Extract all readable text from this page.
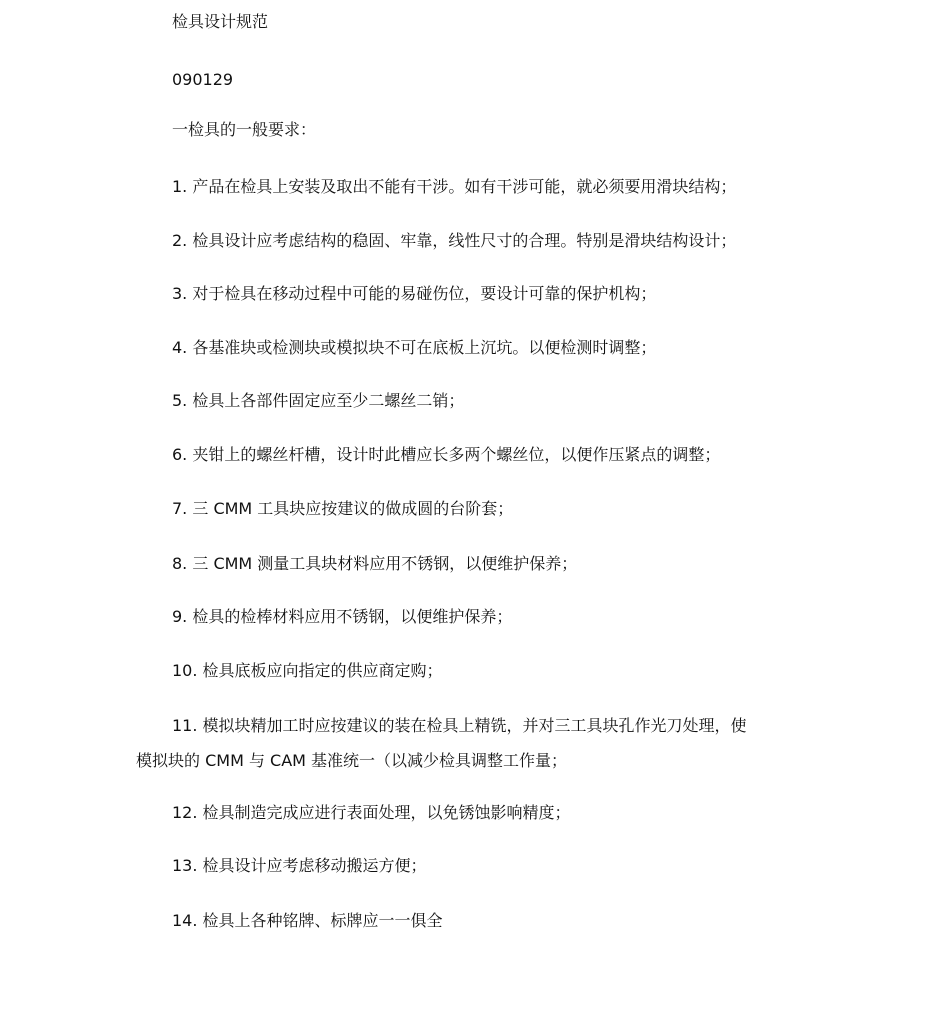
检具设计规范
090129
一检具的一般要求：
1. 产品在检具上安装及取出不能有干涉。如有干涉可能，就必须要用滑块结构；
2. 检具设计应考虑结构的稳固、牢靠，线性尺寸的合理。特别是滑块结构设计；
3. 对于检具在移动过程中可能的易碰伤位，要设计可靠的保护机构；
4. 各基准块或检测块或模拟块不可在底板上沉坑。以便检测时调整；
5. 检具上各部件固定应至少二螺丝二销；
6. 夹钳上的螺丝杆槽，设计时此槽应长多两个螺丝位，以便作压紧点的调整；
7. 三 CMM 工具块应按建议的做成圆的台阶套；
8. 三 CMM 测量工具块材料应用不锈钢，以便维护保养；
9. 检具的检棒材料应用不锈钢，以便维护保养；
10. 检具底板应向指定的供应商定购；
11. 模拟块精加工时应按建议的装在检具上精铣，并对三工具块孔作光刀处理，使
模拟块的 CMM 与 CAM 基准统一（以减少检具调整工作量；
12. 检具制造完成应进行表面处理，以免锈蚀影响精度；
13. 检具设计应考虑移动搬运方便；
14. 检具上各种铭牌、标牌应一一俱全
